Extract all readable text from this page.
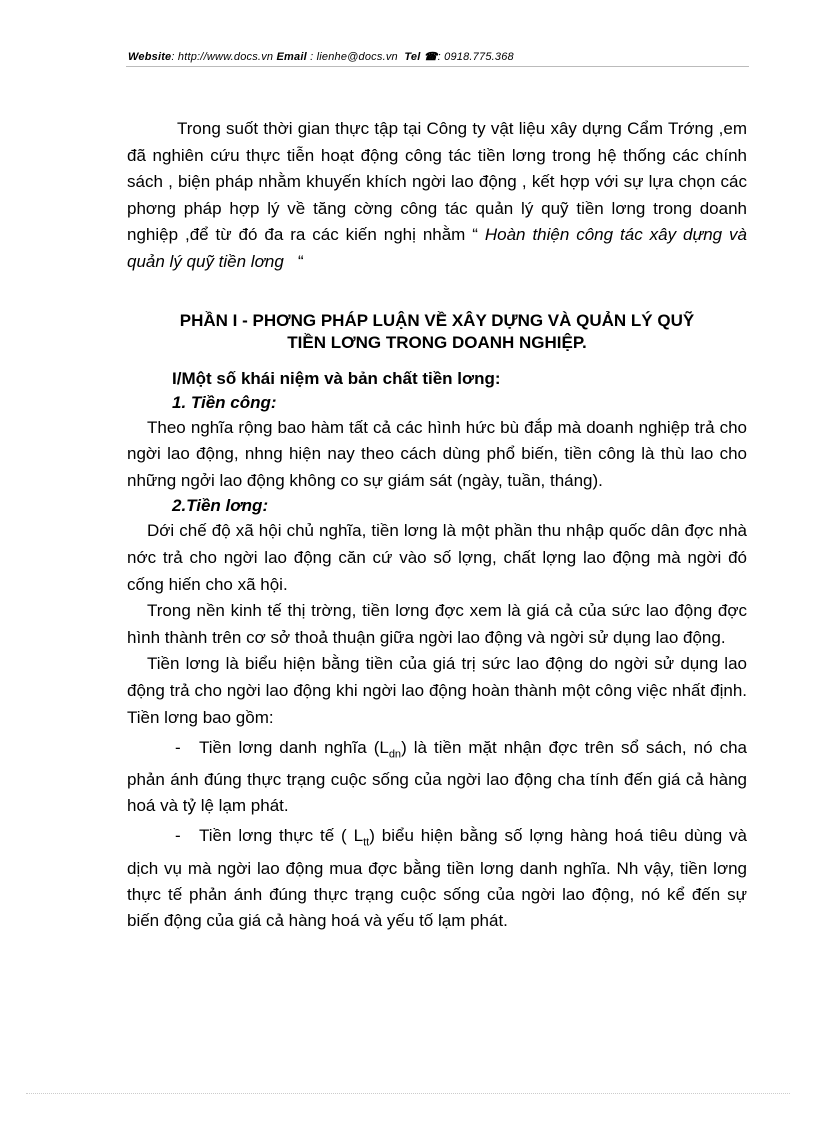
Website: http://www.docs.vn Email : lienhe@docs.vn Tel ☎: 0918.775.368

Trong suốt thời gian thực tập tại Công ty vật liệu xây dựng Cẩm Trớng ,em đã nghiên cứu thực tiễn hoạt động công tác tiền lơng trong hệ thống các chính sách , biện pháp nhằm khuyến khích ngời lao động , kết hợp với sự lựa chọn các phơng pháp hợp lý về tăng cờng công tác quản lý quỹ tiền lơng trong doanh nghiệp ,để từ đó đa ra các kiến nghị nhằm “ Hoàn thiện công tác xây dựng và quản lý quỹ tiền lơng “

PHẦN I - PHƠNG PHÁP LUẬN VỀ XÂY DỰNG VÀ QUẢN LÝ QUỸ
TIỀN LƠNG TRONG DOANH NGHIỆP.
I/Một số khái niệm và bản chất tiền lơng:
1. Tiền công:

Theo nghĩa rộng bao hàm tất cả các hình hức bù đắp mà doanh nghiệp trả cho ngời lao động, nhng hiện nay theo cách dùng phổ biến, tiền công là thù lao cho những ngởi lao động không co sự giám sát (ngày, tuần, tháng).

2.Tiền lơng:

Dới chế độ xã hội chủ nghĩa, tiền lơng là một phần thu nhập quốc dân đợc nhà nớc trả cho ngời lao động căn cứ vào số lợng, chất lợng lao động mà ngời đó cống hiến cho xã hội.

Trong nền kinh tế thị trờng, tiền lơng đợc xem là giá cả của sức lao động đợc hình thành trên cơ sở thoả thuận giữa ngời lao động và ngời sử dụng lao động.

Tiền lơng là biểu hiện bằng tiền của giá trị sức lao động do ngời sử dụng lao động trả cho ngời lao động khi ngời lao động hoàn thành một công việc nhất định. Tiền lơng bao gồm:

- Tiền lơng danh nghĩa $(L_{dn})$ là tiền mặt nhận đợc trên sổ sách, nó cha phản ánh đúng thực trạng cuộc sống của ngời lao động cha tính đến giá cả hàng hoá và tỷ lệ lạm phát.

- Tiền lơng thực tế ( $L_{tt}$) biểu hiện bằng số lợng hàng hoá tiêu dùng và dịch vụ mà ngời lao động mua đợc bằng tiền lơng danh nghĩa. Nh vậy, tiền lơng thực tế phản ánh đúng thực trạng cuộc sống của ngời lao động, nó kể đến sự biến động của giá cả hàng hoá và yếu tố lạm phát.
